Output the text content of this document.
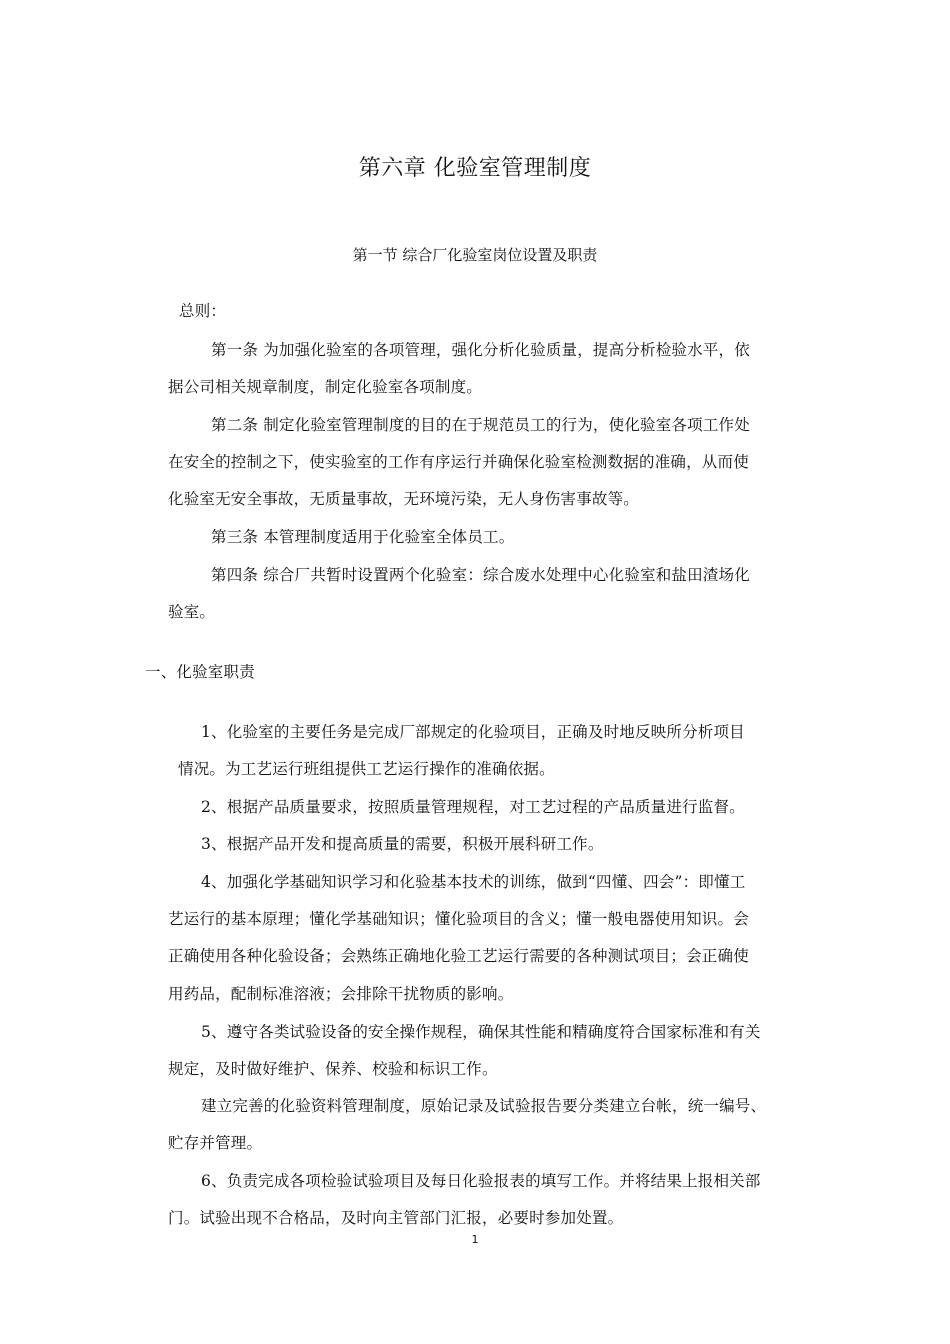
第六章 化验室管理制度
第一节 综合厂化验室岗位设置及职责
总则：
第一条 为加强化验室的各项管理，强化分析化验质量，提高分析检验水平，依
据公司相关规章制度，制定化验室各项制度。
第二条 制定化验室管理制度的目的在于规范员工的行为，使化验室各项工作处
在安全的控制之下，使实验室的工作有序运行并确保化验室检测数据的准确，从而使
化验室无安全事故，无质量事故，无环境污染，无人身伤害事故等。
第三条 本管理制度适用于化验室全体员工。
第四条 综合厂共暂时设置两个化验室：综合废水处理中心化验室和盐田渣场化
验室。
一、化验室职责
1、化验室的主要任务是完成厂部规定的化验项目，正确及时地反映所分析项目
情况。为工艺运行班组提供工艺运行操作的准确依据。
2、根据产品质量要求，按照质量管理规程，对工艺过程的产品质量进行监督。
3、根据产品开发和提高质量的需要，积极开展科研工作。
4、加强化学基础知识学习和化验基本技术的训练，做到“四懂、四会”：即懂工
艺运行的基本原理；懂化学基础知识；懂化验项目的含义；懂一般电器使用知识。会
正确使用各种化验设备；会熟练正确地化验工艺运行需要的各种测试项目；会正确使
用药品，配制标准溶液；会排除干扰物质的影响。
5、遵守各类试验设备的安全操作规程，确保其性能和精确度符合国家标准和有关
规定，及时做好维护、保养、校验和标识工作。
建立完善的化验资料管理制度，原始记录及试验报告要分类建立台帐，统一编号、
贮存并管理。
6、负责完成各项检验试验项目及每日化验报表的填写工作。并将结果上报相关部
门。试验出现不合格品，及时向主管部门汇报，必要时参加处置。
1
